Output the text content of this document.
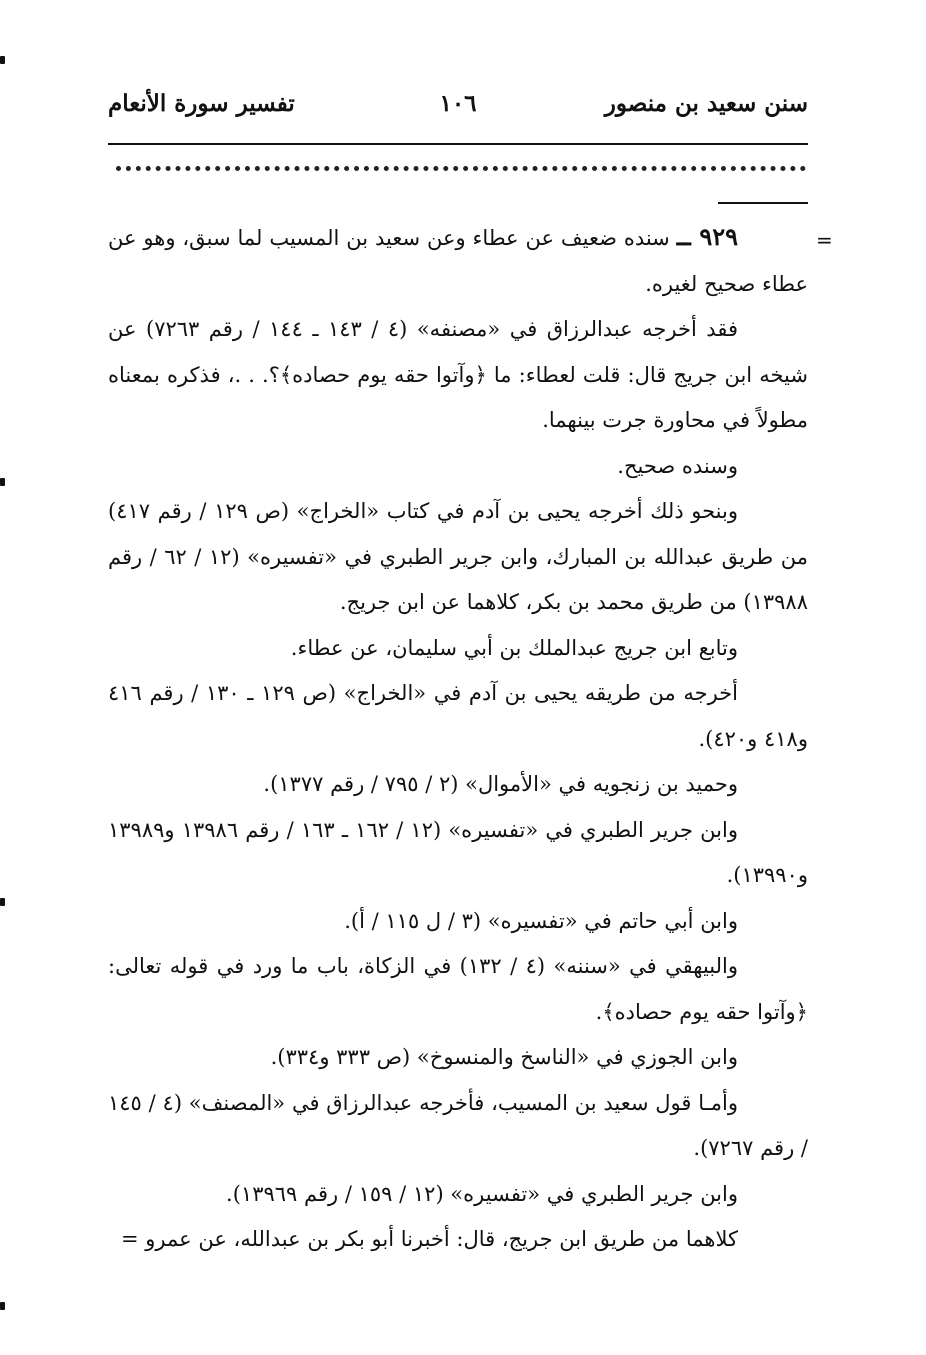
سنن سعيد بن منصور
١٠٦
تفسير سورة الأنعام
=

٩٢٩ ــ سنده ضعيف عن عطاء وعن سعيد بن المسيب لما سبق، وهو عن عطاء صحيح لغيره.

فقد أخرجه عبدالرزاق في «مصنفه» (٤ / ١٤٣ ـ ١٤٤ / رقم ٧٢٦٣) عن شيخه ابن جريج قال: قلت لعطاء: ما ﴿وآتوا حقه يوم حصاده﴾؟. . .، فذكره بمعناه مطولاً في محاورة جرت بينهما.

وسنده صحيح.

وبنحو ذلك أخرجه يحيى بن آدم في كتاب «الخراج» (ص ١٢٩ / رقم ٤١٧) من طريق عبدالله بن المبارك، وابن جرير الطبري في «تفسيره» (١٢ / ٦٢ / رقم ١٣٩٨٨) من طريق محمد بن بكر، كلاهما عن ابن جريج.

وتابع ابن جريج عبدالملك بن أبي سليمان، عن عطاء.

أخرجه من طريقه يحيى بن آدم في «الخراج» (ص ١٢٩ ـ ١٣٠ / رقم ٤١٦ و٤١٨ و٤٢٠).

وحميد بن زنجويه في «الأموال» (٢ / ٧٩٥ / رقم ١٣٧٧).

وابن جرير الطبري في «تفسيره» (١٢ / ١٦٢ ـ ١٦٣ / رقم ١٣٩٨٦ و١٣٩٨٩ و١٣٩٩٠).

وابن أبي حاتم في «تفسيره» (٣ / ل ١١٥ / أ).

والبيهقي في «سننه» (٤ / ١٣٢) في الزكاة، باب ما ورد في قوله تعالى: ﴿وآتوا حقه يوم حصاده﴾.

وابن الجوزي في «الناسخ والمنسوخ» (ص ٣٣٣ و٣٣٤).

وأمـا قول سعيد بن المسيب، فأخرجه عبدالرزاق في «المصنف» (٤ / ١٤٥ / رقم ٧٢٦٧).

وابن جرير الطبري في «تفسيره» (١٢ / ١٥٩ / رقم ١٣٩٦٩).

كلاهما من طريق ابن جريج، قال: أخبرنا أبو بكر بن عبدالله، عن عمرو =
